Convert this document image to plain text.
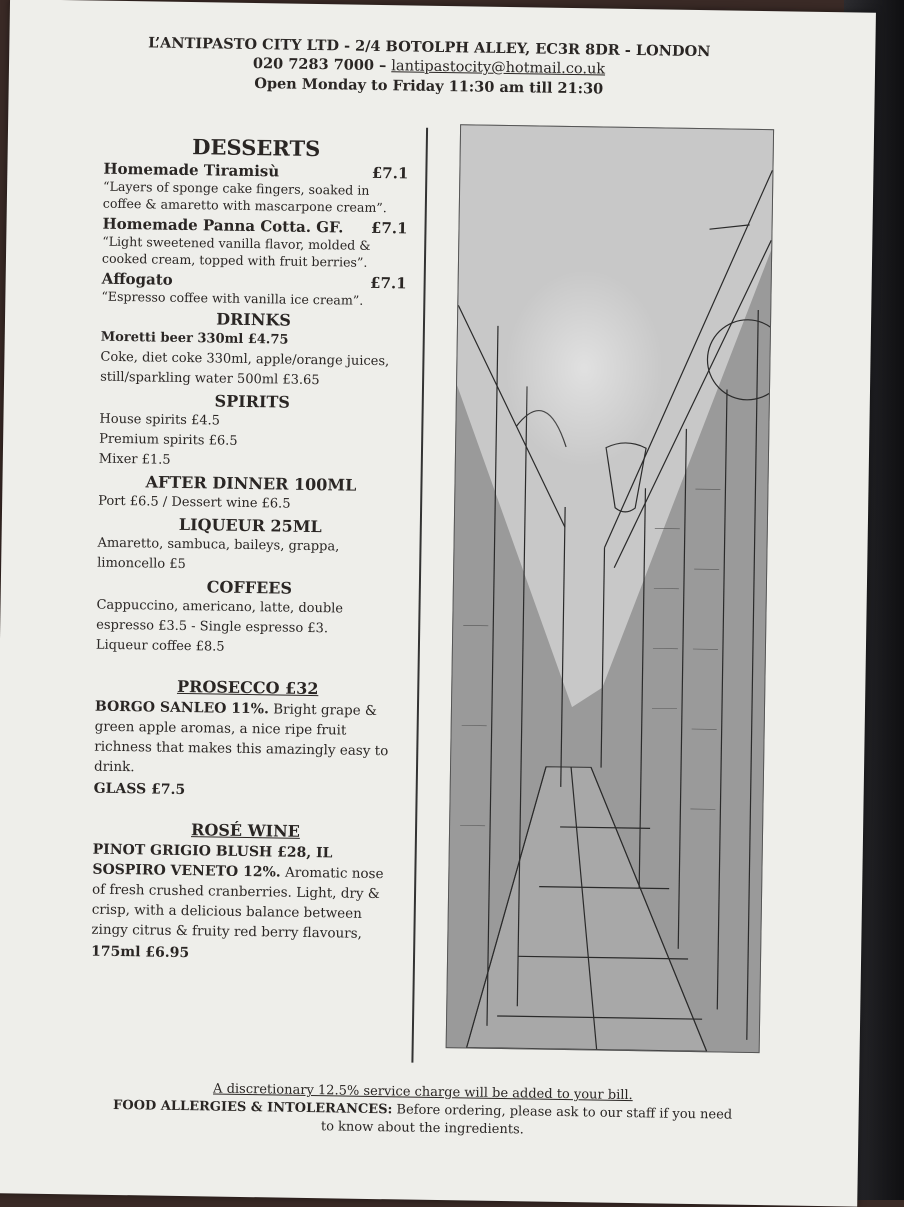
L’ANTIPASTO CITY LTD - 2/4 BOTOLPH ALLEY, EC3R 8DR - LONDON
020 7283 7000 – lantipastocity@hotmail.co.uk
Open Monday to Friday 11:30 am till 21:30
DESSERTS
Homemade Tiramisù	£7.1
“Layers of sponge cake fingers, soaked in coffee & amaretto with mascarpone cream”.
Homemade Panna Cotta. GF. £7.1
“Light sweetened vanilla flavor, molded & cooked cream, topped with fruit berries”.
Affogato	£7.1
“Espresso coffee with vanilla ice cream”.
DRINKS
Moretti beer 330ml £4.75
Coke, diet coke 330ml, apple/orange juices, still/sparkling water 500ml £3.65
SPIRITS
House spirits £4.5
Premium spirits £6.5
Mixer £1.5
AFTER DINNER 100ML
Port £6.5 / Dessert wine £6.5
LIQUEUR 25ML
Amaretto, sambuca, baileys, grappa, limoncello £5
COFFEES
Cappuccino, americano, latte, double espresso £3.5 - Single espresso £3.
Liqueur coffee £8.5
PROSECCO £32
BORGO SANLEO 11%. Bright grape & green apple aromas, a nice ripe fruit richness that makes this amazingly easy to drink.
GLASS £7.5
ROSÉ WINE
PINOT GRIGIO BLUSH £28, IL SOSPIRO VENETO 12%. Aromatic nose of fresh crushed cranberries. Light, dry & crisp, with a delicious balance between zingy citrus & fruity red berry flavours,
175ml £6.95
A discretionary 12.5% service charge will be added to your bill.
FOOD ALLERGIES & INTOLERANCES: Before ordering, please ask to our staff if you need to know about the ingredients.
